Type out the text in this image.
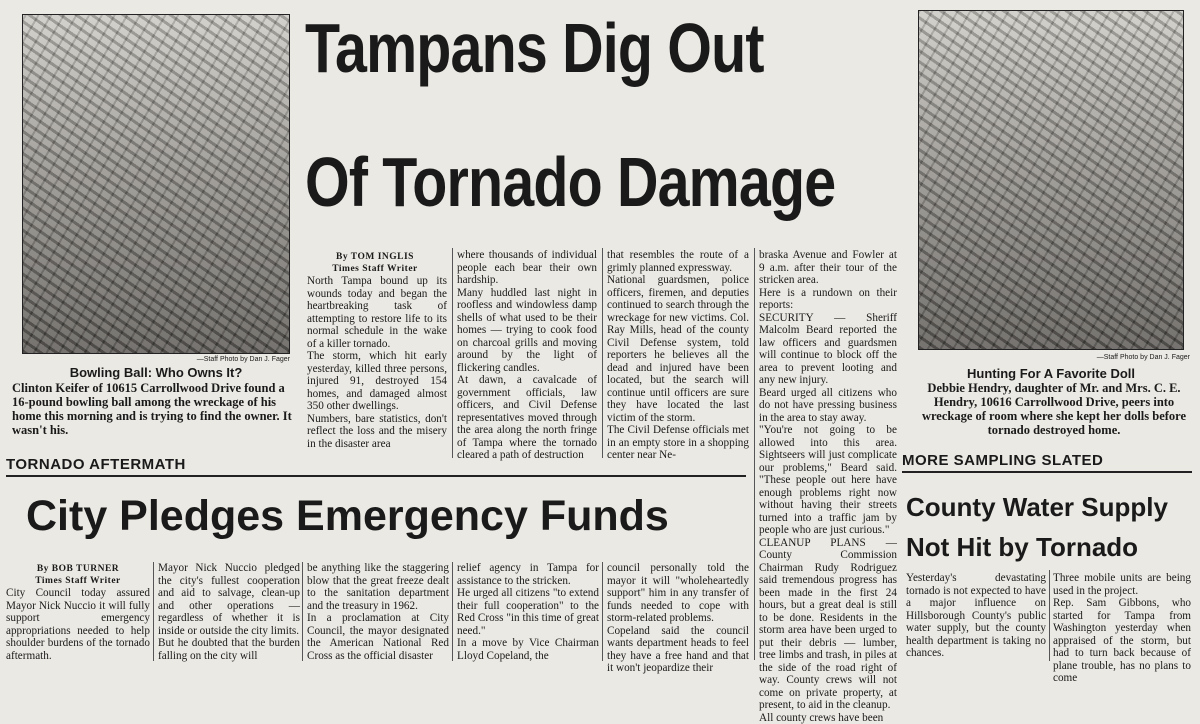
—Staff Photo by Dan J. Fager
Bowling Ball: Who Owns It?
Clinton Keifer of 10615 Carrollwood Drive found a 16-pound bowling ball among the wreckage of his home this morning and is trying to find the owner. It wasn't his.
Tampans Dig Out
Of Tornado Damage
By TOM INGLIS
Times Staff Writer
North Tampa bound up its wounds today and began the heartbreaking task of attempting to restore life to its normal schedule in the wake of a killer tornado.
The storm, which hit early yesterday, killed three persons, injured 91, destroyed 154 homes, and damaged almost 350 other dwellings.
Numbers, bare statistics, don't reflect the loss and the misery in the disaster area
where thousands of individual people each bear their own hardship.
Many huddled last night in roofless and windowless damp shells of what used to be their homes — trying to cook food on charcoal grills and moving around by the light of flickering candles.
At dawn, a cavalcade of government officials, law officers, and Civil Defense representatives moved through the area along the north fringe of Tampa where the tornado cleared a path of destruction
that resembles the route of a grimly planned expressway.
National guardsmen, police officers, firemen, and deputies continued to search through the wreckage for new victims. Col. Ray Mills, head of the county Civil Defense system, told reporters he believes all the dead and injured have been located, but the search will continue until officers are sure they have located the last victim of the storm.
The Civil Defense officials met in an empty store in a shopping center near Ne-
braska Avenue and Fowler at 9 a.m. after their tour of the stricken area.
Here is a rundown on their reports:
SECURITY — Sheriff Malcolm Beard reported the law officers and guardsmen will continue to block off the area to prevent looting and any new injury.
Beard urged all citizens who do not have pressing business in the area to stay away.
"You're not going to be allowed into this area. Sightseers will just complicate our problems," Beard said. "These people out here have enough problems right now without having their streets turned into a traffic jam by people who are just curious."
CLEANUP PLANS — County Commission Chairman Rudy Rodriguez said tremendous progress has been made in the first 24 hours, but a great deal is still to be done. Residents in the storm area have been urged to put their debris — lumber, tree limbs and trash, in piles at the side of the road right of way. County crews will not come on private property, at present, to aid in the cleanup.
All county crews have been
—Staff Photo by Dan J. Fager
Hunting For A Favorite Doll
Debbie Hendry, daughter of Mr. and Mrs. C. E. Hendry, 10616 Carrollwood Drive, peers into wreckage of room where she kept her dolls before tornado destroyed home.
TORNADO AFTERMATH
City Pledges Emergency Funds
By BOB TURNER
Times Staff Writer
City Council today assured Mayor Nick Nuccio it will fully support emergency appropriations needed to help shoulder burdens of the tornado aftermath.
Mayor Nick Nuccio pledged the city's fullest cooperation and aid to salvage, clean-up and other operations — regardless of whether it is inside or outside the city limits.
But he doubted that the burden falling on the city will
be anything like the staggering blow that the great freeze dealt to the sanitation department and the treasury in 1962.
In a proclamation at City Council, the mayor designated the American National Red Cross as the official disaster
relief agency in Tampa for assistance to the stricken.
He urged all citizens "to extend their full cooperation" to the Red Cross "in this time of great need."
In a move by Vice Chairman Lloyd Copeland, the
council personally told the mayor it will "wholeheartedly support" him in any transfer of funds needed to cope with storm-related problems.
Copeland said the council wants department heads to feel they have a free hand and that it won't jeopardize their
MORE SAMPLING SLATED
County Water Supply
Not Hit by Tornado
Yesterday's devastating tornado is not expected to have a major influence on Hillsborough County's public water supply, but the county health department is taking no chances.
Three mobile units are being used in the project.
Rep. Sam Gibbons, who started for Tampa from Washington yesterday when appraised of the storm, but had to turn back because of plane trouble, has no plans to come
